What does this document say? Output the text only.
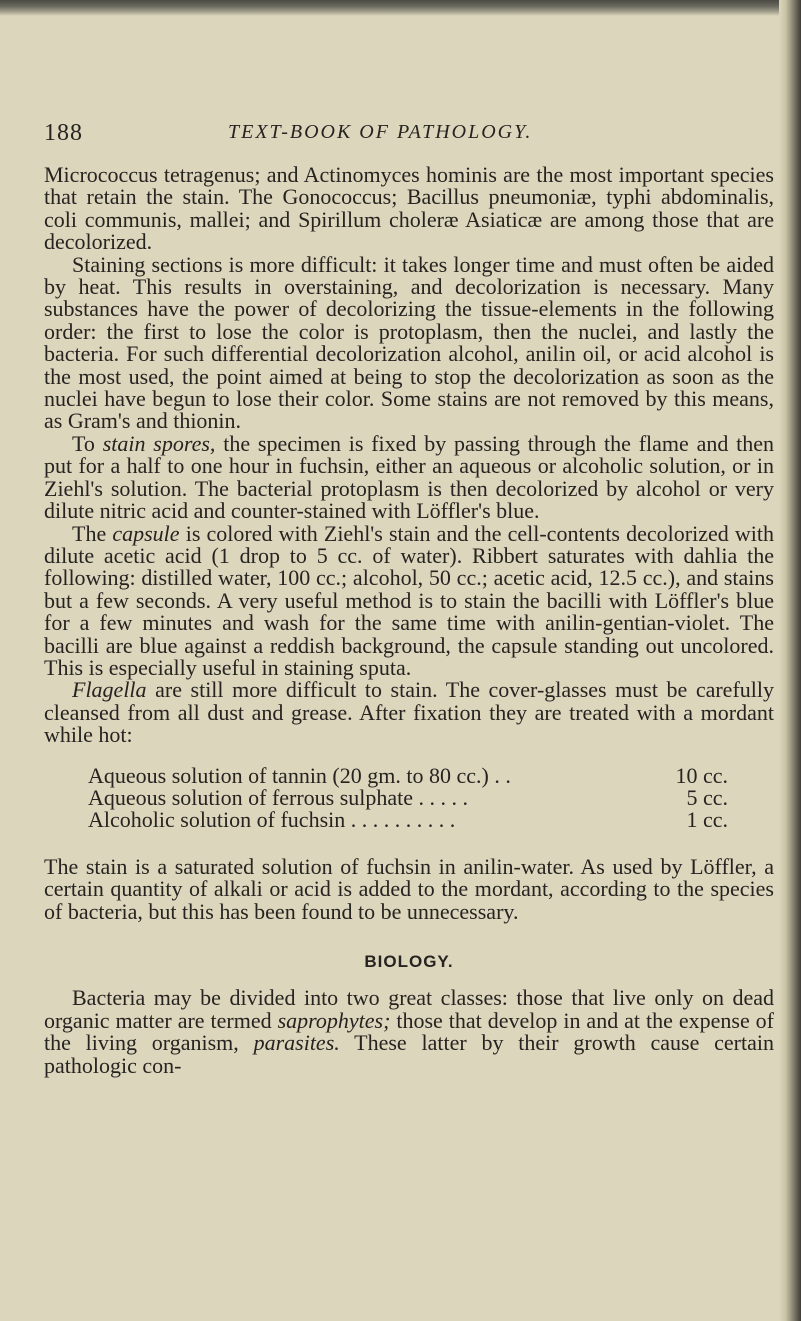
188	TEXT-BOOK OF PATHOLOGY.

Micrococcus tetragenus; and Actinomyces hominis are the most important species that retain the stain. The Gonococcus; Bacillus pneumoniæ, typhi abdominalis, coli communis, mallei; and Spirillum choleræ Asiaticæ are among those that are decolorized.

Staining sections is more difficult: it takes longer time and must often be aided by heat. This results in overstaining, and decolorization is necessary. Many substances have the power of decolorizing the tissue-elements in the following order: the first to lose the color is protoplasm, then the nuclei, and lastly the bacteria. For such differential decolorization alcohol, anilin oil, or acid alcohol is the most used, the point aimed at being to stop the decolorization as soon as the nuclei have begun to lose their color. Some stains are not removed by this means, as Gram's and thionin.

To stain spores, the specimen is fixed by passing through the flame and then put for a half to one hour in fuchsin, either an aqueous or alcoholic solution, or in Ziehl's solution. The bacterial protoplasm is then decolorized by alcohol or very dilute nitric acid and counter-stained with Löffler's blue.

The capsule is colored with Ziehl's stain and the cell-contents decolorized with dilute acetic acid (1 drop to 5 cc. of water). Ribbert saturates with dahlia the following: distilled water, 100 cc.; alcohol, 50 cc.; acetic acid, 12.5 cc.), and stains but a few seconds. A very useful method is to stain the bacilli with Löffler's blue for a few minutes and wash for the same time with anilin-gentian-violet. The bacilli are blue against a reddish background, the capsule standing out uncolored. This is especially useful in staining sputa.

Flagella are still more difficult to stain. The cover-glasses must be carefully cleansed from all dust and grease. After fixation they are treated with a mordant while hot:

Aqueous solution of tannin (20 gm. to 80 cc.) . .	10 cc.
Aqueous solution of ferrous sulphate . . . . .	5 cc.
Alcoholic solution of fuchsin . . . . . . . . . .	1 cc.

The stain is a saturated solution of fuchsin in anilin-water. As used by Löffler, a certain quantity of alkali or acid is added to the mordant, according to the species of bacteria, but this has been found to be unnecessary.

BIOLOGY.

Bacteria may be divided into two great classes: those that live only on dead organic matter are termed saprophytes; those that develop in and at the expense of the living organism, parasites. These latter by their growth cause certain pathologic con-
